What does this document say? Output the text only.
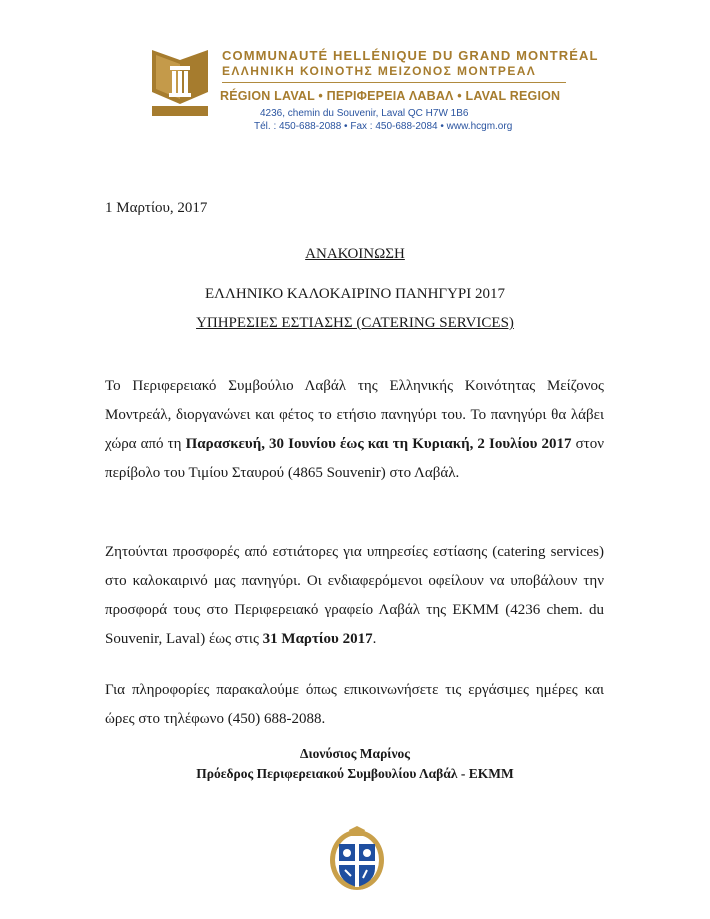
COMMUNAUTÉ HELLÉNIQUE DU GRAND MONTRÉAL
ΕΛΛΗΝΙΚΗ ΚΟΙΝΟΤΗΣ ΜΕΙΖΟΝΟΣ ΜΟΝΤΡΕΑΛ
RÉGION LAVAL • ΠΕΡΙΦΕΡΕΙΑ ΛΑΒΑΛ • LAVAL REGION
4236, chemin du Souvenir, Laval QC H7W 1B6
Tél. : 450-688-2088 • Fax : 450-688-2084 • www.hcgm.org
1 Μαρτίου, 2017
ΑΝΑΚΟΙΝΩΣΗ
ΕΛΛΗΝΙΚΟ ΚΑΛΟΚΑΙΡΙΝΟ ΠΑΝΗΓΥΡΙ 2017
ΥΠΗΡΕΣΙΕΣ ΕΣΤΙΑΣΗΣ (CATERING SERVICES)
Το Περιφερειακό Συμβούλιο Λαβάλ της Ελληνικής Κοινότητας Μείζονος Μοντρεάλ, διοργανώνει και φέτος το ετήσιο πανηγύρι του. Το πανηγύρι θα λάβει χώρα από τη Παρασκευή, 30 Ιουνίου έως και τη Κυριακή, 2 Ιουλίου 2017 στον περίβολο του Τιμίου Σταυρού (4865 Souvenir) στο Λαβάλ.
Ζητούνται προσφορές από εστιάτορες για υπηρεσίες εστίασης (catering services) στο καλοκαιρινό μας πανηγύρι. Οι ενδιαφερόμενοι οφείλουν να υποβάλουν την προσφορά τους στο Περιφερειακό γραφείο Λαβάλ της ΕΚΜΜ (4236 chem. du Souvenir, Laval) έως στις 31 Μαρτίου 2017.
Για πληροφορίες παρακαλούμε όπως επικοινωνήσετε τις εργάσιμες ημέρες και ώρες στο τηλέφωνο (450) 688-2088.
Διονύσιος Μαρίνος
Πρόεδρος Περιφερειακού Συμβουλίου Λαβάλ - ΕΚΜΜ
